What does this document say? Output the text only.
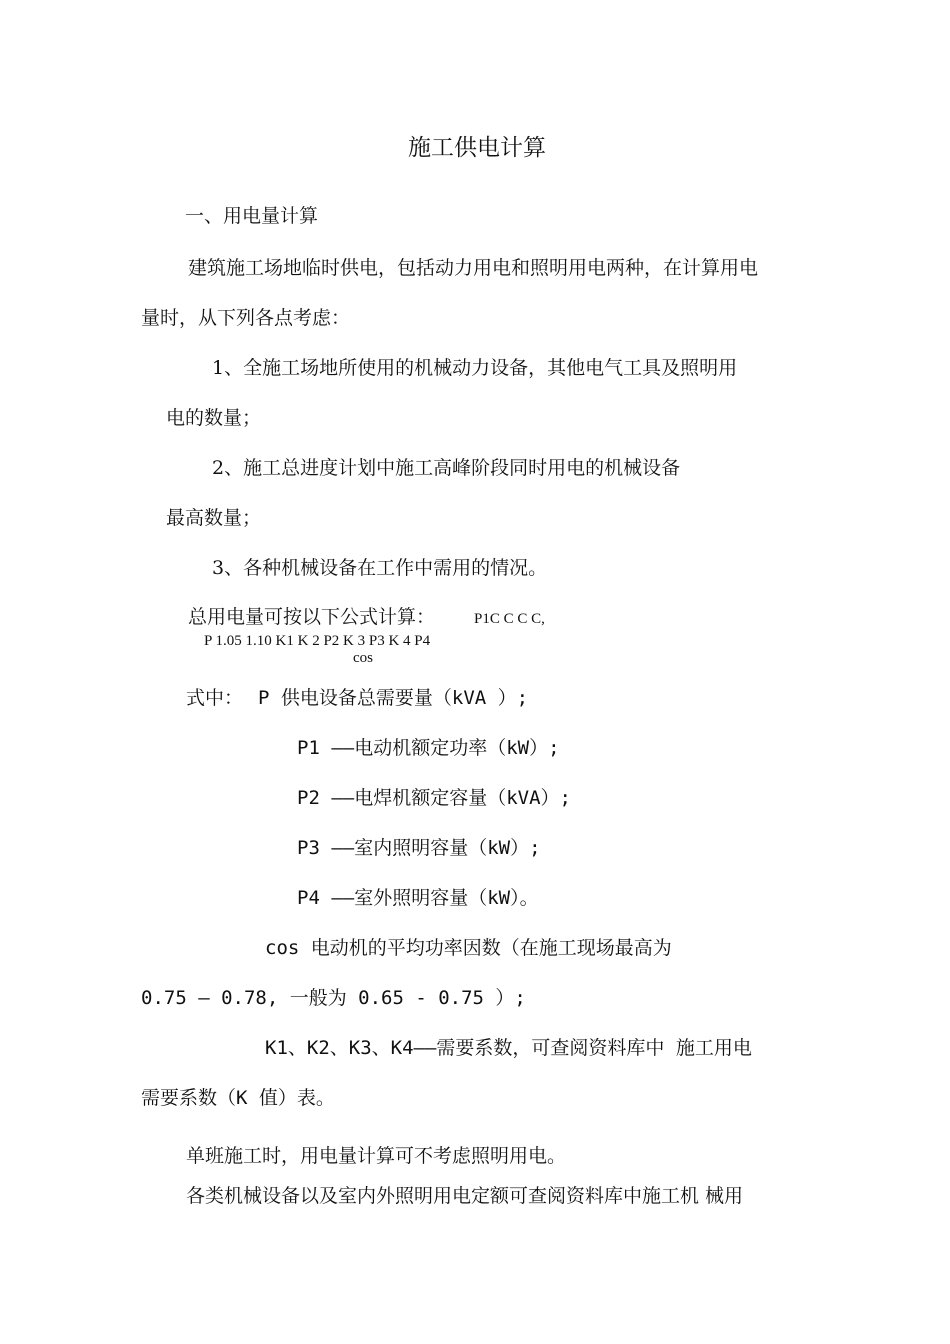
施工供电计算
一、用电量计算
建筑施工场地临时供电，包括动力用电和照明用电两种，在计算用电
量时，从下列各点考虑：
1、全施工场地所使用的机械动力设备，其他电气工具及照明用
电的数量；
2、施工总进度计划中施工高峰阶段同时用电的机械设备
最高数量；
3、各种机械设备在工作中需用的情况。
总用电量可按以下公式计算：	P1C C C C,
P 1.05 1.10 K1 K 2 P2 K 3 P3 K 4 P4
cos
式中： P 供电设备总需要量（kVA ）;
P1 ——电动机额定功率（kW）;
P2 ——电焊机额定容量（kVA）;
P3 ——室内照明容量（kW）;
P4 ——室外照明容量（kW）。
cos 电动机的平均功率因数（在施工现场最高为
0.75 — 0.78, 一般为 0.65 - 0.75 ）;
K1、K2、K3、K4——需要系数，可查阅资料库中 施工用电
需要系数（K 值）表。
单班施工时，用电量计算可不考虑照明用电。
各类机械设备以及室内外照明用电定额可查阅资料库中施工机 械用
